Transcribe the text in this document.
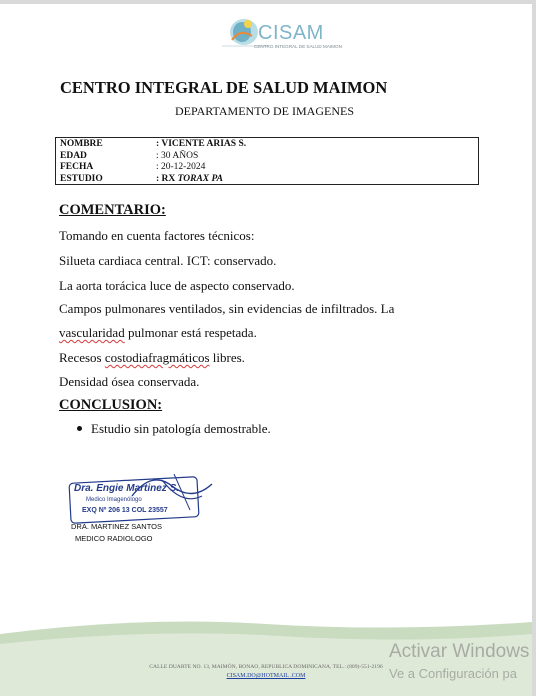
CISAM
CENTRO INTEGRAL DE SALUD MAIMON
CENTRO INTEGRAL DE SALUD MAIMON
DEPARTAMENTO DE IMAGENES
NOMBRE	: VICENTE ARIAS S.
EDAD	: 30 AÑOS
FECHA	: 20-12-2024
ESTUDIO	: RX TORAX PA
COMENTARIO:
Tomando en cuenta factores técnicos:
Silueta cardiaca central. ICT: conservado.
La aorta torácica luce de aspecto conservado.
Campos pulmonares ventilados, sin evidencias de infiltrados. La
vascularidad pulmonar está respetada.
Recesos costodiafragmáticos libres.
Densidad ósea conservada.
CONCLUSION:
Estudio sin patología demostrable.
Dra. Engie Martinez S.
Medico Imagenólogo
EXQ Nº 206 13 COL 23557
DRA. MARTINEZ SANTOS
MEDICO RADIOLOGO
CALLE DUARTE NO. 13, MAIMÓN, BONAO, REPUBLICA DOMINICANA, TEL.: (809)-551-2196
CISAM.DO@HOTMAIL .COM
Activar Windows
Ve a Configuración pa
